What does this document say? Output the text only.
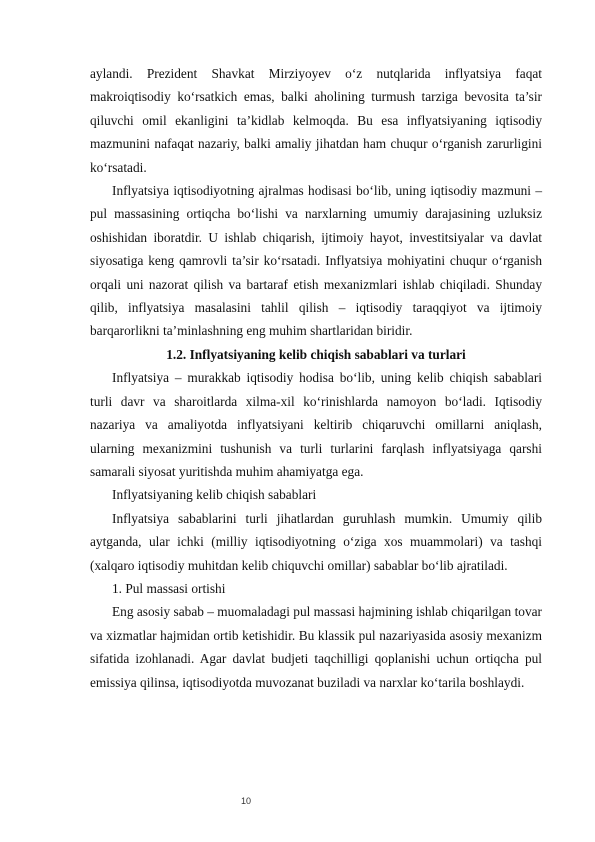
aylandi. Prezident Shavkat Mirziyoyev o‘z nutqlarida inflyatsiya faqat makroiqtisodiy ko‘rsatkich emas, balki aholining turmush tarziga bevosita ta’sir qiluvchi omil ekanligini ta’kidlab kelmoqda. Bu esa inflyatsiyaning iqtisodiy mazmunini nafaqat nazariy, balki amaliy jihatdan ham chuqur o‘rganish zarurligini ko‘rsatadi.

Inflyatsiya iqtisodiyotning ajralmas hodisasi bo‘lib, uning iqtisodiy mazmuni – pul massasining ortiqcha bo‘lishi va narxlarning umumiy darajasining uzluksiz oshishidan iboratdir. U ishlab chiqarish, ijtimoiy hayot, investitsiyalar va davlat siyosatiga keng qamrovli ta’sir ko‘rsatadi. Inflyatsiya mohiyatini chuqur o‘rganish orqali uni nazorat qilish va bartaraf etish mexanizmlari ishlab chiqiladi. Shunday qilib, inflyatsiya masalasini tahlil qilish – iqtisodiy taraqqiyot va ijtimoiy barqarorlikni ta’minlashning eng muhim shartlaridan biridir.

1.2. Inflyatsiyaning kelib chiqish sabablari va turlari

Inflyatsiya – murakkab iqtisodiy hodisa bo‘lib, uning kelib chiqish sabablari turli davr va sharoitlarda xilma-xil ko‘rinishlarda namoyon bo‘ladi. Iqtisodiy nazariya va amaliyotda inflyatsiyani keltirib chiqaruvchi omillarni aniqlash, ularning mexanizmini tushunish va turli turlarini farqlash inflyatsiyaga qarshi samarali siyosat yuritishda muhim ahamiyatga ega.

Inflyatsiyaning kelib chiqish sabablari

Inflyatsiya sabablarini turli jihatlardan guruhlash mumkin. Umumiy qilib aytganda, ular ichki (milliy iqtisodiyotning o‘ziga xos muammolari) va tashqi (xalqaro iqtisodiy muhitdan kelib chiquvchi omillar) sabablar bo‘lib ajratiladi.

1. Pul massasi ortishi

Eng asosiy sabab – muomaladagi pul massasi hajmining ishlab chiqarilgan tovar va xizmatlar hajmidan ortib ketishidir. Bu klassik pul nazariyasida asosiy mexanizm sifatida izohlanadi. Agar davlat budjeti taqchilligi qoplanishi uchun ortiqcha pul emissiya qilinsa, iqtisodiyotda muvozanat buziladi va narxlar ko‘tarila boshlaydi.

10
